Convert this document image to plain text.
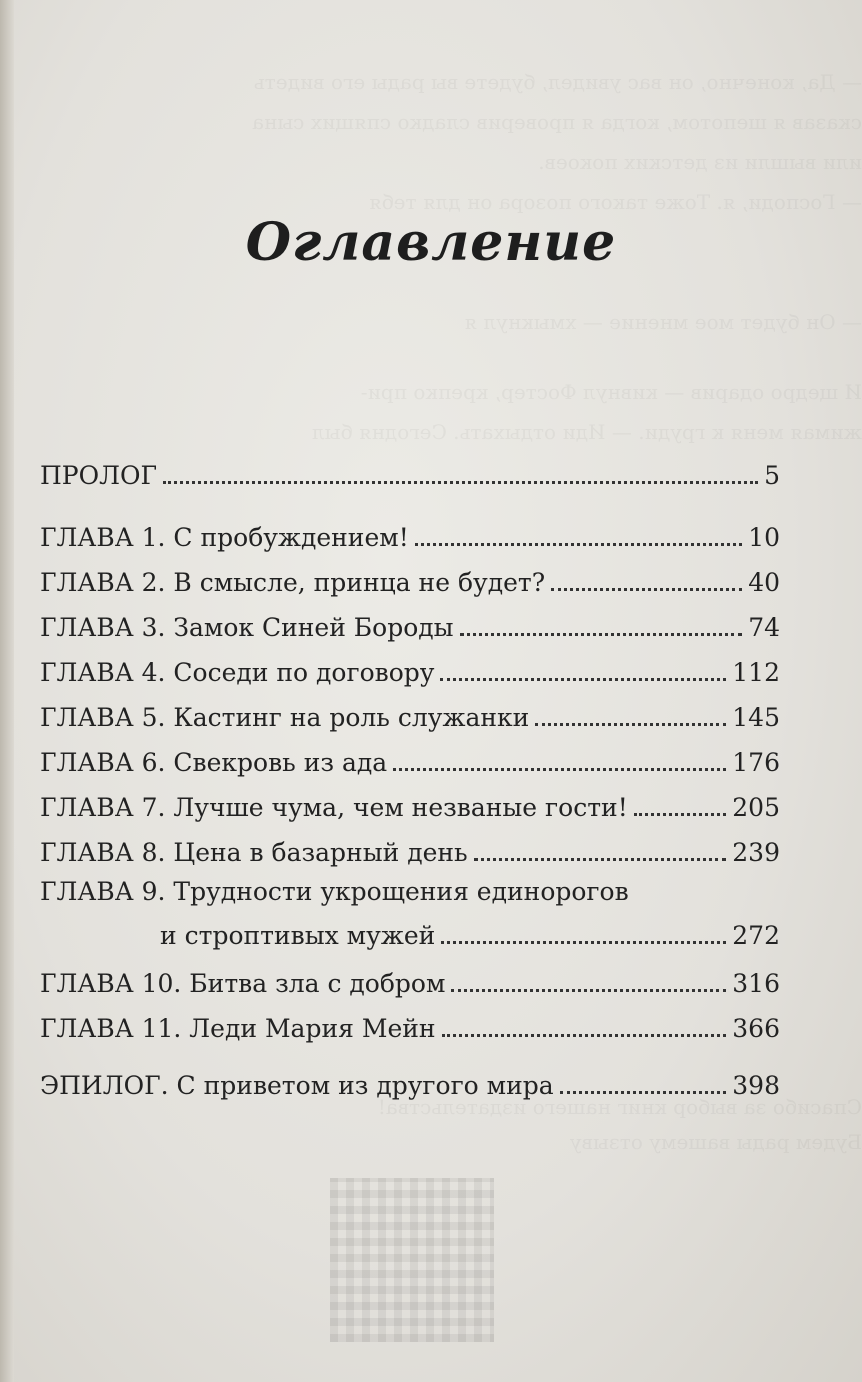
— Да, конечно, он вас увидел, будете вы рады его видеть
сказав я шепотом, когда я проверив сладко спящих сына
или вышли из детских покоев.
— Господи, я. Тоже такого позора он для тебя
— Он будет мое мнение — хмыкнул я
И щедро одарив — кивнул Фостер, крепко при-
жимая меня к груди. — Иди отдыхать. Сегодня был
Спасибо за выбор книг нашего издательства!
Будем рады вашему отзыву
Оглавление
ПРОЛОГ	5
ГЛАВА 1. С пробуждением!	10
ГЛАВА 2. В смысле, принца не будет?	40
ГЛАВА 3. Замок Синей Бороды	74
ГЛАВА 4. Соседи по договору	112
ГЛАВА 5. Кастинг на роль служанки	145
ГЛАВА 6. Свекровь из ада	176
ГЛАВА 7. Лучше чума, чем незваные гости!	205
ГЛАВА 8. Цена в базарный день	239
ГЛАВА 9. Трудности укрощения единорогов
и строптивых мужей	272
ГЛАВА 10. Битва зла с добром	316
ГЛАВА 11. Леди Мария Мейн	366
ЭПИЛОГ. С приветом из другого мира	398
